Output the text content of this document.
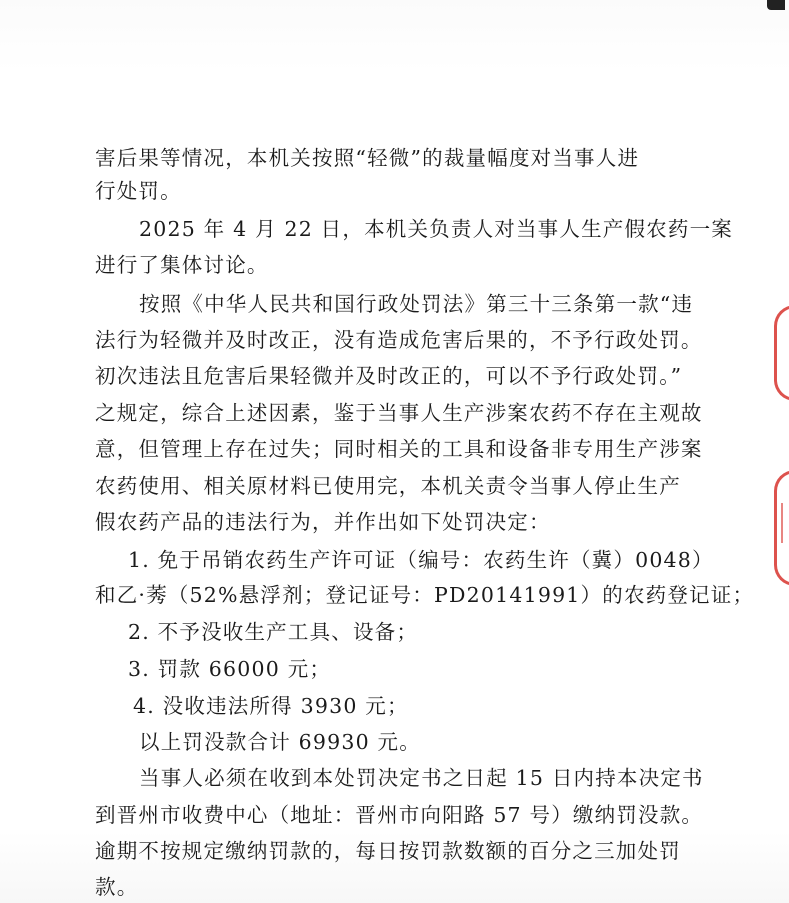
害后果等情况，本机关按照“轻微”的裁量幅度对当事人进
行处罚。
2025 年 4 月 22 日，本机关负责人对当事人生产假农药一案
进行了集体讨论。
按照《中华人民共和国行政处罚法》第三十三条第一款“违
法行为轻微并及时改正，没有造成危害后果的，不予行政处罚。
初次违法且危害后果轻微并及时改正的，可以不予行政处罚。”
之规定，综合上述因素，鉴于当事人生产涉案农药不存在主观故
意，但管理上存在过失；同时相关的工具和设备非专用生产涉案
农药使用、相关原材料已使用完，本机关责令当事人停止生产
假农药产品的违法行为，并作出如下处罚决定：
1. 免于吊销农药生产许可证（编号：农药生许（冀）0048）
和乙·莠（52%悬浮剂；登记证号：PD20141991）的农药登记证；
2. 不予没收生产工具、设备；
3. 罚款 66000 元；
4. 没收违法所得 3930 元；
以上罚没款合计 69930 元。
当事人必须在收到本处罚决定书之日起 15 日内持本决定书
到晋州市收费中心（地址：晋州市向阳路 57 号）缴纳罚没款。
逾期不按规定缴纳罚款的，每日按罚款数额的百分之三加处罚
款。
